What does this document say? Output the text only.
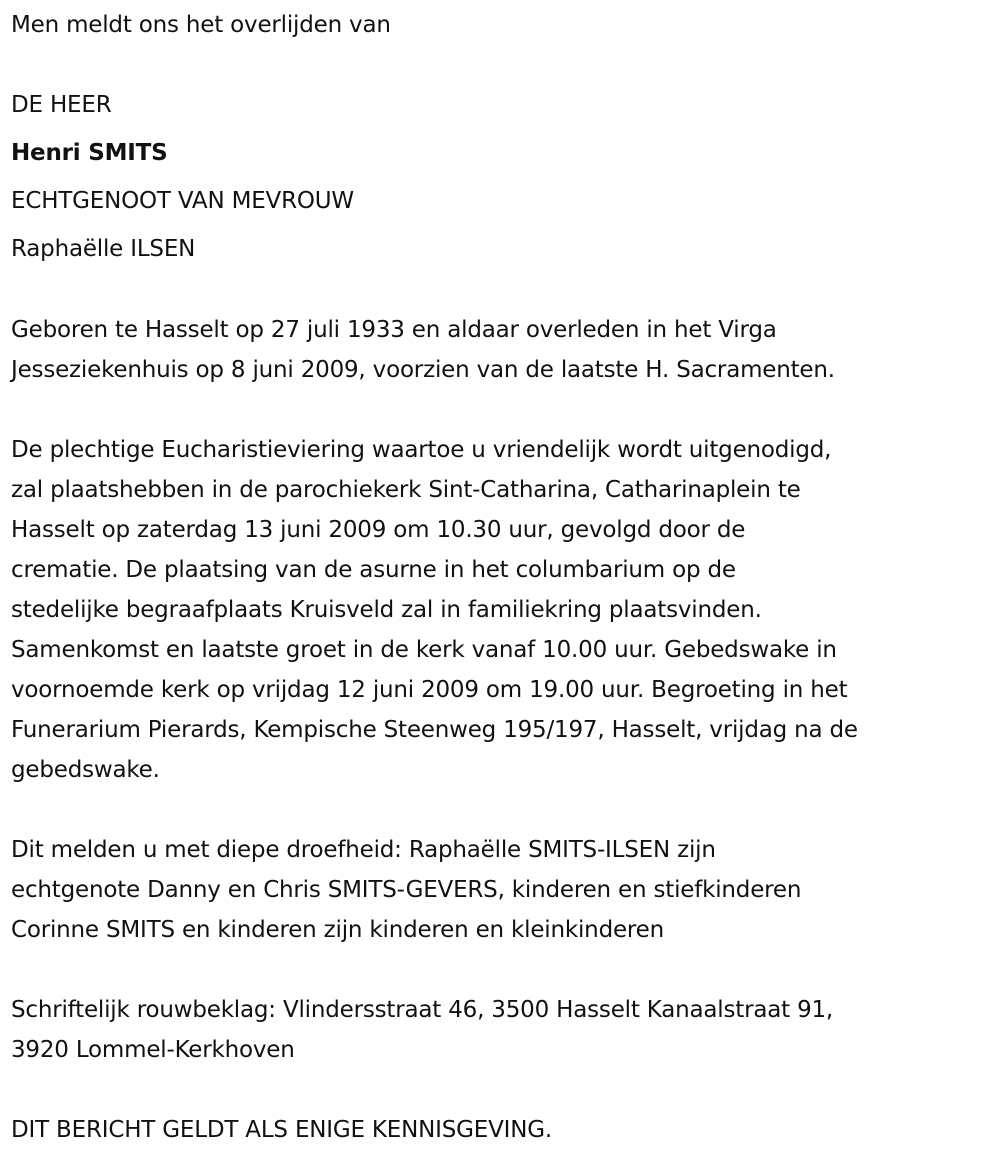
Men meldt ons het overlijden van
DE HEER
Henri SMITS
ECHTGENOOT VAN MEVROUW
Raphaëlle ILSEN
Geboren te Hasselt op 27 juli 1933 en aldaar overleden in het Virga
Jesseziekenhuis op 8 juni 2009, voorzien van de laatste H. Sacramenten.
De plechtige Eucharistieviering waartoe u vriendelijk wordt uitgenodigd,
zal plaatshebben in de parochiekerk Sint-Catharina, Catharinaplein te
Hasselt op zaterdag 13 juni 2009 om 10.30 uur, gevolgd door de
crematie. De plaatsing van de asurne in het columbarium op de
stedelijke begraafplaats Kruisveld zal in familiekring plaatsvinden.
Samenkomst en laatste groet in de kerk vanaf 10.00 uur. Gebedswake in
voornoemde kerk op vrijdag 12 juni 2009 om 19.00 uur. Begroeting in het
Funerarium Pierards, Kempische Steenweg 195/197, Hasselt, vrijdag na de
gebedswake.
Dit melden u met diepe droefheid: Raphaëlle SMITS-ILSEN zijn
echtgenote Danny en Chris SMITS-GEVERS, kinderen en stiefkinderen
Corinne SMITS en kinderen zijn kinderen en kleinkinderen
Schriftelijk rouwbeklag: Vlindersstraat 46, 3500 Hasselt Kanaalstraat 91,
3920 Lommel-Kerkhoven
DIT BERICHT GELDT ALS ENIGE KENNISGEVING.
